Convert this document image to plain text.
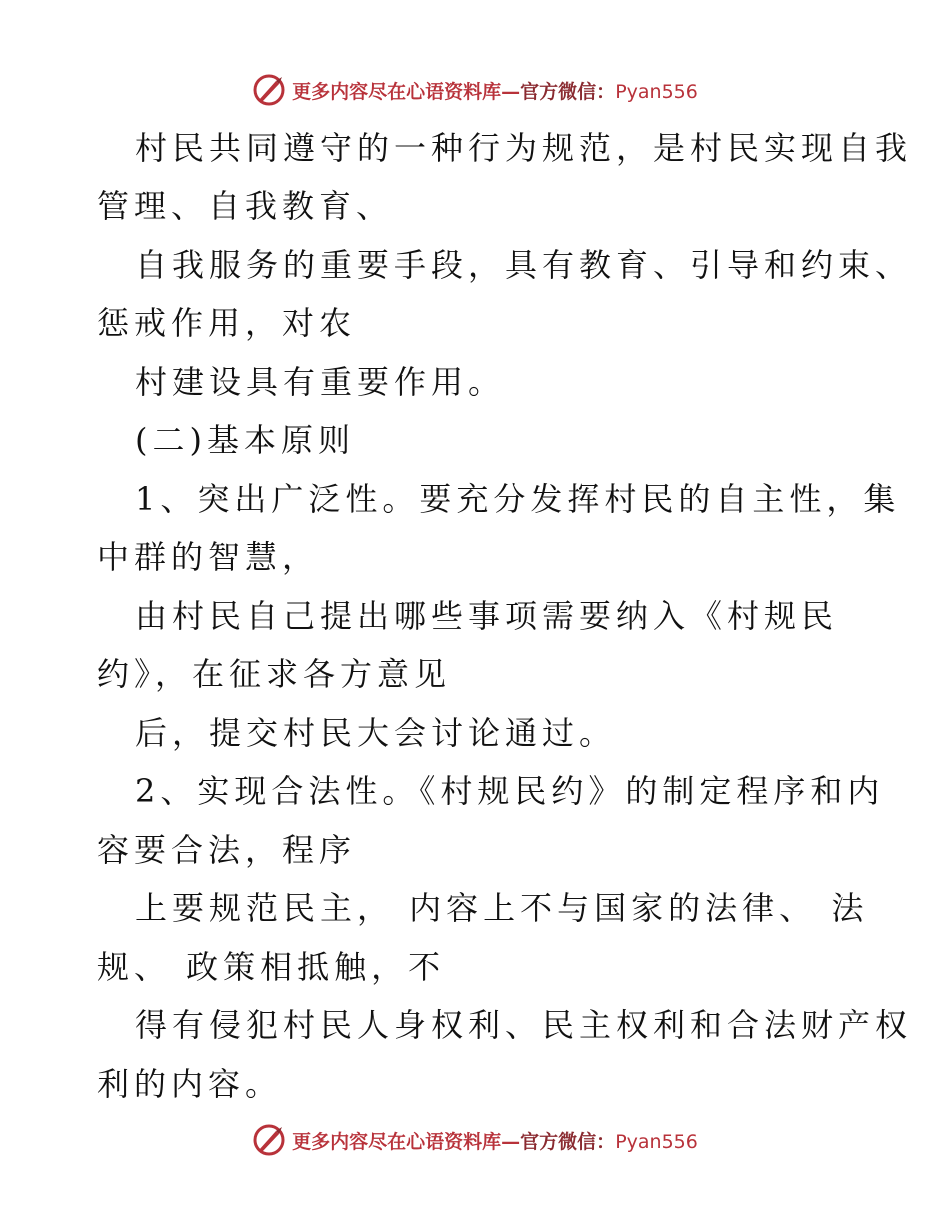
更多内容尽在心语资料库—官方微信：Pyan556
村民共同遵守的一种行为规范，是村民实现自我
管理、自我教育、
自我服务的重要手段，具有教育、引导和约束、
惩戒作用，对农
村建设具有重要作用。
(二)基本原则
1、突出广泛性。要充分发挥村民的自主性，集
中群的智慧，
由村民自己提出哪些事项需要纳入《村规民
约》，在征求各方意见
后，提交村民大会讨论通过。
2、实现合法性。《村规民约》的制定程序和内
容要合法，程序
上要规范民主， 内容上不与国家的法律、 法
规、 政策相抵触，不
得有侵犯村民人身权利、民主权利和合法财产权
利的内容。
更多内容尽在心语资料库—官方微信：Pyan556
